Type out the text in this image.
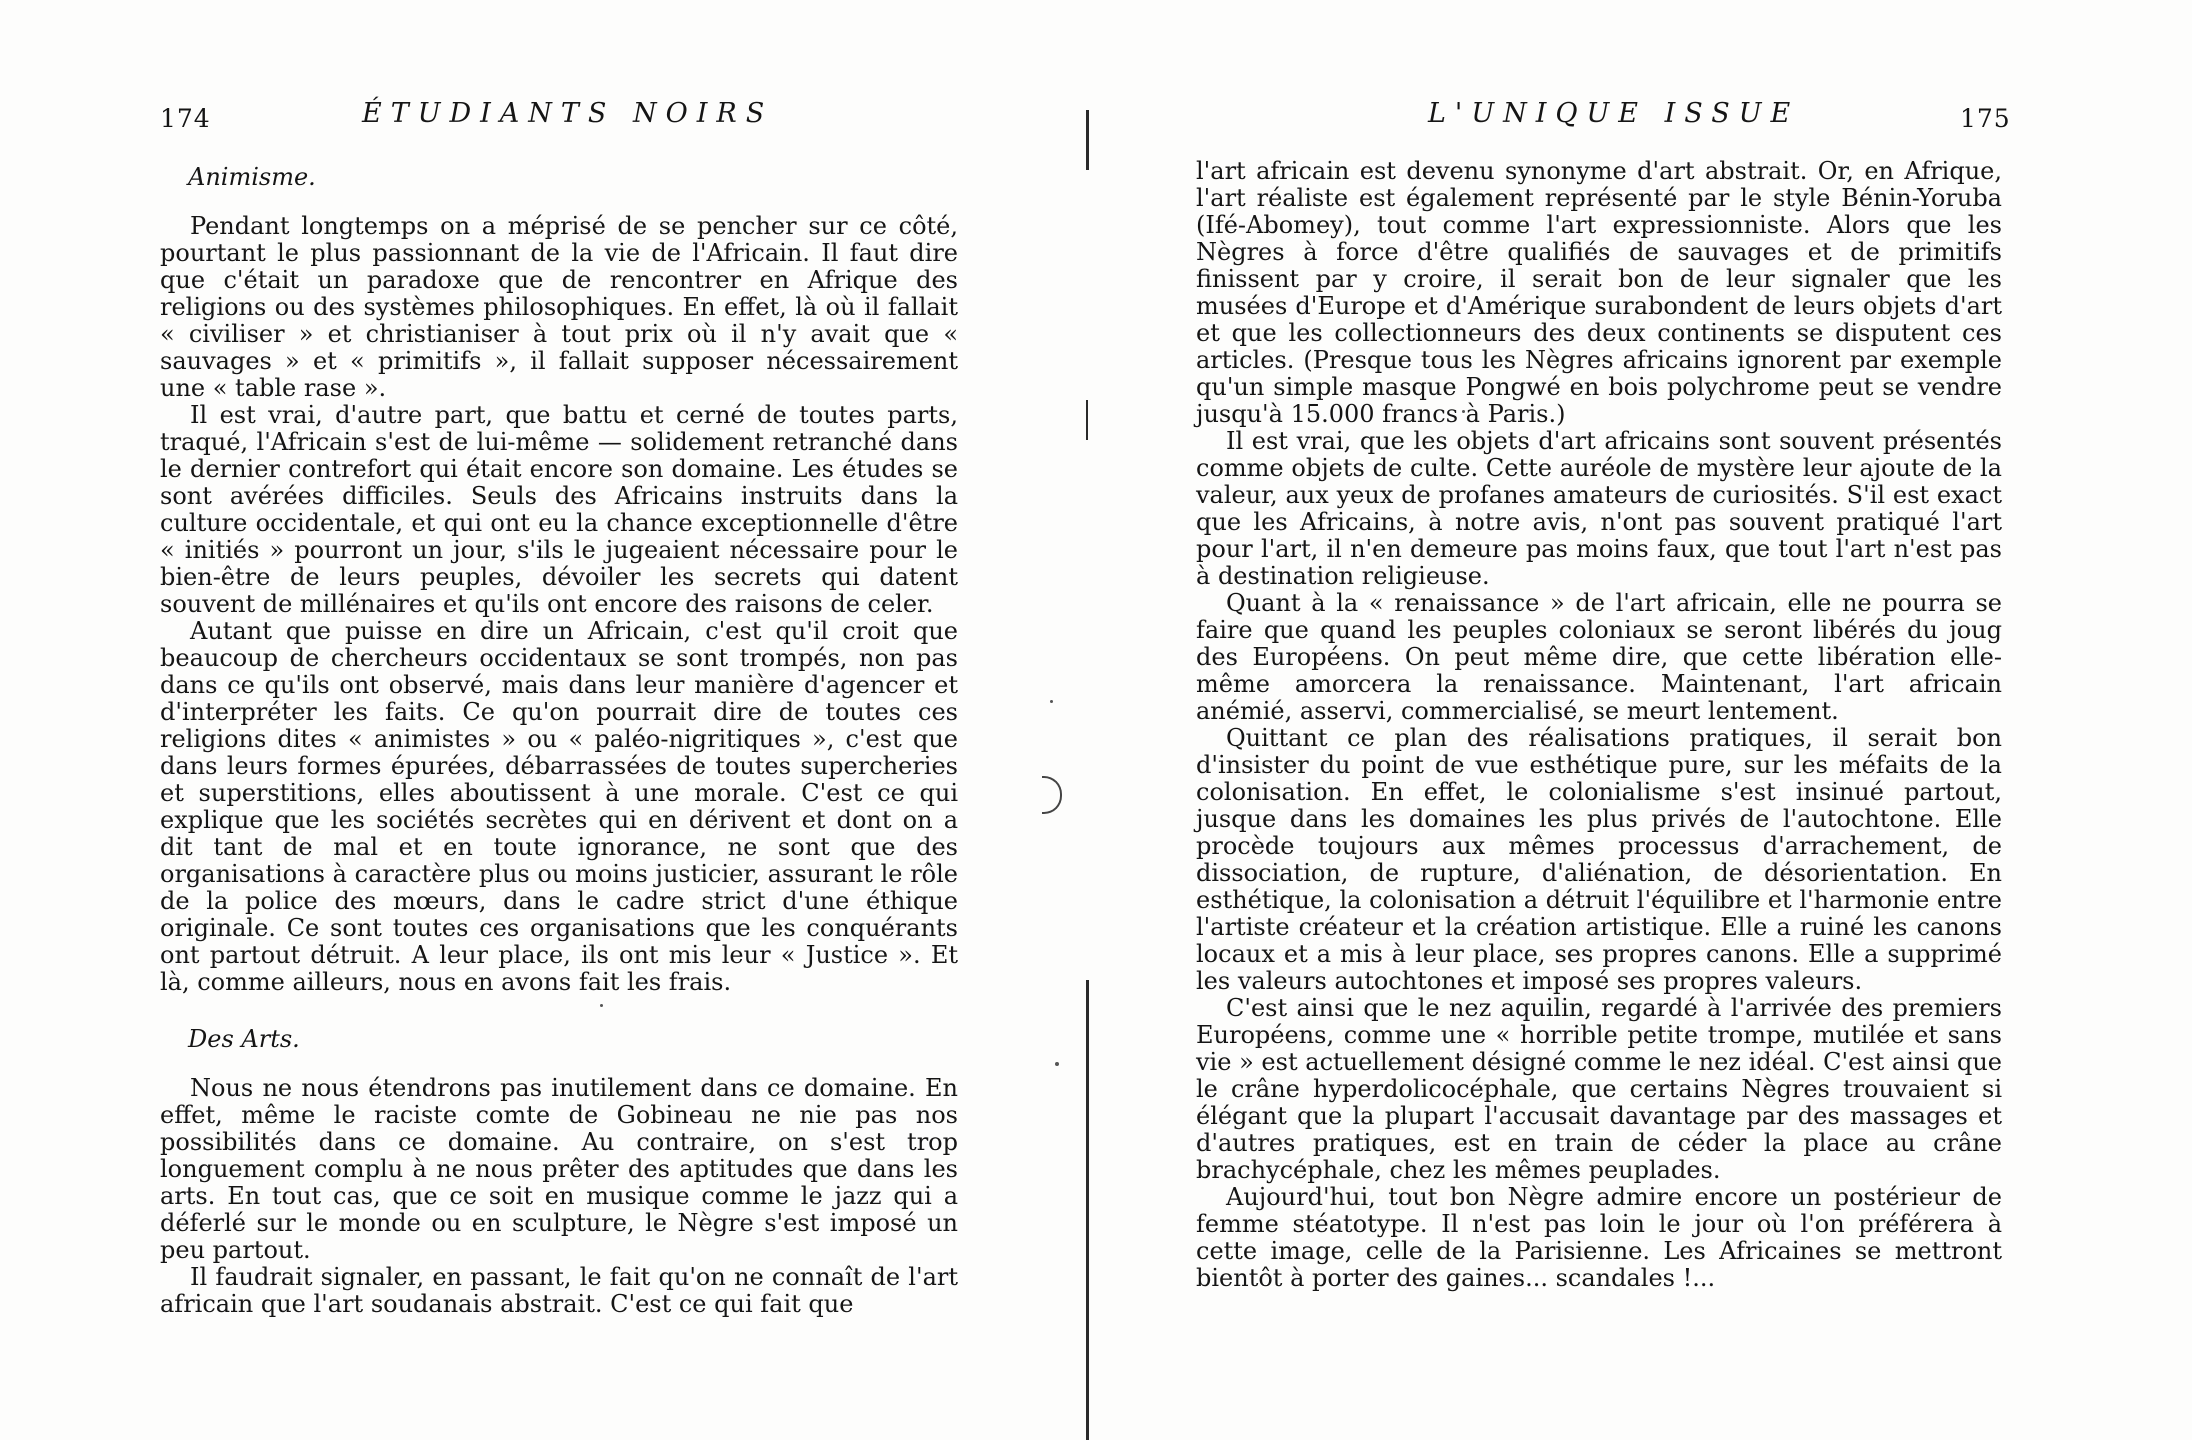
174	ÉTUDIANTS NOIRS
Animisme.

Pendant longtemps on a méprisé de se pencher sur ce côté, pourtant le plus passionnant de la vie de l'Africain. Il faut dire que c'était un paradoxe que de rencontrer en Afrique des religions ou des systèmes philosophiques. En effet, là où il fallait « civiliser » et christianiser à tout prix où il n'y avait que « sauvages » et « primitifs », il fallait supposer nécessairement une « table rase ».

Il est vrai, d'autre part, que battu et cerné de toutes parts, traqué, l'Africain s'est de lui-même — solidement retranché dans le dernier contrefort qui était encore son domaine. Les études se sont avérées difficiles. Seuls des Africains instruits dans la culture occidentale, et qui ont eu la chance exceptionnelle d'être « initiés » pourront un jour, s'ils le jugeaient nécessaire pour le bien-être de leurs peuples, dévoiler les secrets qui datent souvent de millénaires et qu'ils ont encore des raisons de celer.

Autant que puisse en dire un Africain, c'est qu'il croit que beaucoup de chercheurs occidentaux se sont trompés, non pas dans ce qu'ils ont observé, mais dans leur manière d'agencer et d'interpréter les faits. Ce qu'on pourrait dire de toutes ces religions dites « animistes » ou « paléo-nigritiques », c'est que dans leurs formes épurées, débarrassées de toutes supercheries et superstitions, elles aboutissent à une morale. C'est ce qui explique que les sociétés secrètes qui en dérivent et dont on a dit tant de mal et en toute ignorance, ne sont que des organisations à caractère plus ou moins justicier, assurant le rôle de la police des mœurs, dans le cadre strict d'une éthique originale. Ce sont toutes ces organisations que les conquérants ont partout détruit. A leur place, ils ont mis leur « Justice ». Et là, comme ailleurs, nous en avons fait les frais.

Des Arts.

Nous ne nous étendrons pas inutilement dans ce domaine. En effet, même le raciste comte de Gobineau ne nie pas nos possibilités dans ce domaine. Au contraire, on s'est trop longuement complu à ne nous prêter des aptitudes que dans les arts. En tout cas, que ce soit en musique comme le jazz qui a déferlé sur le monde ou en sculpture, le Nègre s'est imposé un peu partout.

Il faudrait signaler, en passant, le fait qu'on ne connaît de l'art africain que l'art soudanais abstrait. C'est ce qui fait que

L'UNIQUE ISSUE	175

l'art africain est devenu synonyme d'art abstrait. Or, en Afrique, l'art réaliste est également représenté par le style Bénin-Yoruba (Ifé-Abomey), tout comme l'art expressionniste. Alors que les Nègres à force d'être qualifiés de sauvages et de primitifs finissent par y croire, il serait bon de leur signaler que les musées d'Europe et d'Amérique surabondent de leurs objets d'art et que les collectionneurs des deux continents se disputent ces articles. (Presque tous les Nègres africains ignorent par exemple qu'un simple masque Pongwé en bois polychrome peut se vendre jusqu'à 15.000 francs à Paris.)

Il est vrai, que les objets d'art africains sont souvent présentés comme objets de culte. Cette auréole de mystère leur ajoute de la valeur, aux yeux de profanes amateurs de curiosités. S'il est exact que les Africains, à notre avis, n'ont pas souvent pratiqué l'art pour l'art, il n'en demeure pas moins faux, que tout l'art n'est pas à destination religieuse.

Quant à la « renaissance » de l'art africain, elle ne pourra se faire que quand les peuples coloniaux se seront libérés du joug des Européens. On peut même dire, que cette libération elle-même amorcera la renaissance. Maintenant, l'art africain anémié, asservi, commercialisé, se meurt lentement.

Quittant ce plan des réalisations pratiques, il serait bon d'insister du point de vue esthétique pure, sur les méfaits de la colonisation. En effet, le colonialisme s'est insinué partout, jusque dans les domaines les plus privés de l'autochtone. Elle procède toujours aux mêmes processus d'arrachement, de dissociation, de rupture, d'aliénation, de désorientation. En esthétique, la colonisation a détruit l'équilibre et l'harmonie entre l'artiste créateur et la création artistique. Elle a ruiné les canons locaux et a mis à leur place, ses propres canons. Elle a supprimé les valeurs autochtones et imposé ses propres valeurs.

C'est ainsi que le nez aquilin, regardé à l'arrivée des premiers Européens, comme une « horrible petite trompe, mutilée et sans vie » est actuellement désigné comme le nez idéal. C'est ainsi que le crâne hyperdolicocéphale, que certains Nègres trouvaient si élégant que la plupart l'accusait davantage par des massages et d'autres pratiques, est en train de céder la place au crâne brachycéphale, chez les mêmes peuplades.

Aujourd'hui, tout bon Nègre admire encore un postérieur de femme stéatotype. Il n'est pas loin le jour où l'on préférera à cette image, celle de la Parisienne. Les Africaines se mettront bientôt à porter des gaines... scandales !...
